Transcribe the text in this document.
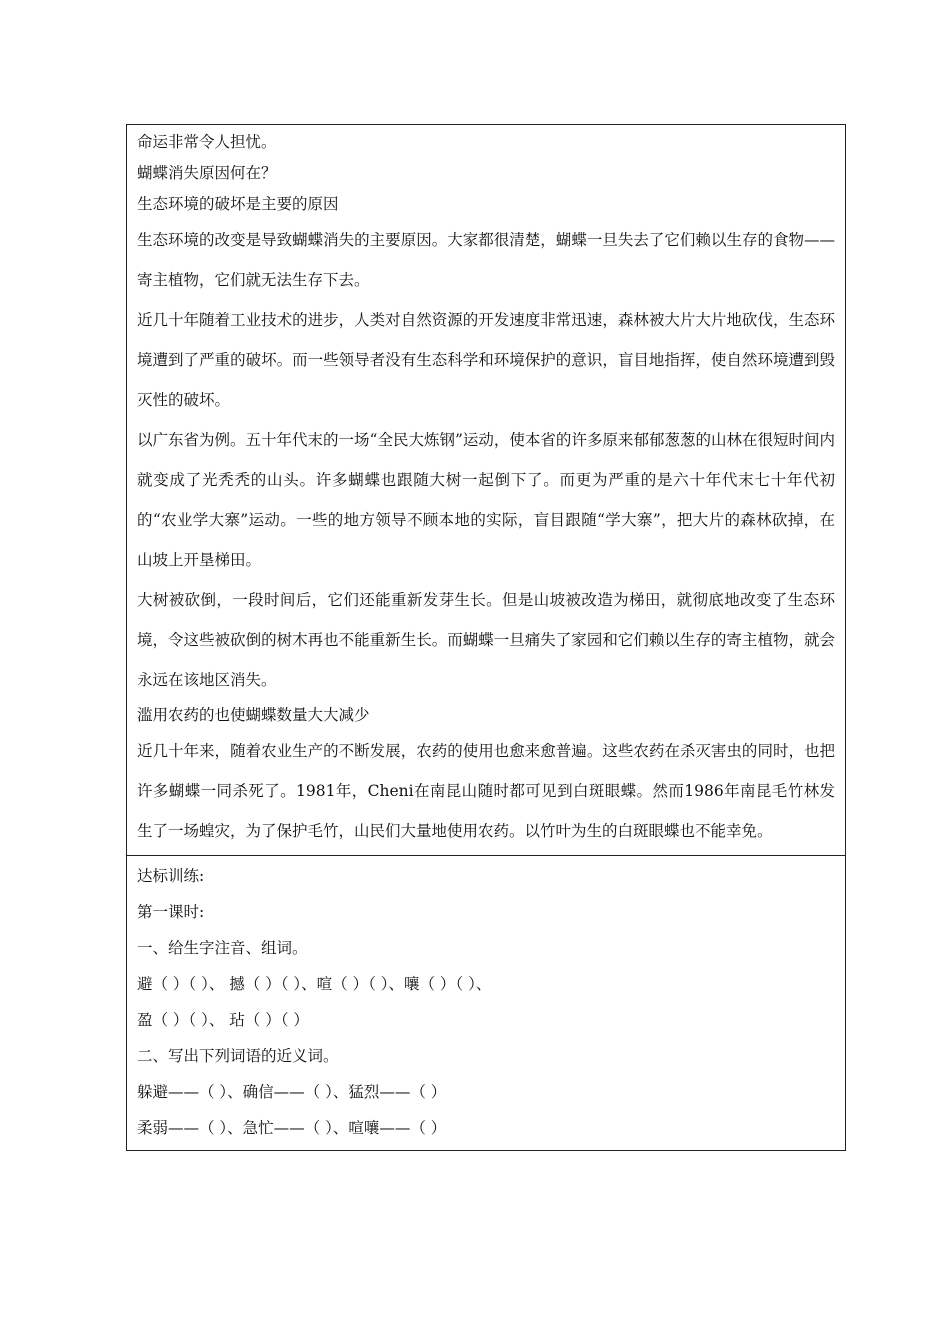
命运非常令人担忧。
蝴蝶消失原因何在？
生态环境的破坏是主要的原因
生态环境的改变是导致蝴蝶消失的主要原因。大家都很清楚，蝴蝶一旦失去了它们赖以生存的食物——寄主植物，它们就无法生存下去。
近几十年随着工业技术的进步，人类对自然资源的开发速度非常迅速，森林被大片大片地砍伐，生态环境遭到了严重的破坏。而一些领导者没有生态科学和环境保护的意识，盲目地指挥，使自然环境遭到毁灭性的破坏。
以广东省为例。五十年代末的一场“全民大炼钢”运动，使本省的许多原来郁郁葱葱的山林在很短时间内就变成了光秃秃的山头。许多蝴蝶也跟随大树一起倒下了。而更为严重的是六十年代末七十年代初的“农业学大寨”运动。一些的地方领导不顾本地的实际，盲目跟随“学大寨”，把大片的森林砍掉，在山坡上开垦梯田。
大树被砍倒，一段时间后，它们还能重新发芽生长。但是山坡被改造为梯田，就彻底地改变了生态环境，令这些被砍倒的树木再也不能重新生长。而蝴蝶一旦痛失了家园和它们赖以生存的寄主植物，就会永远在该地区消失。
滥用农药的也使蝴蝶数量大大减少
近几十年来，随着农业生产的不断发展，农药的使用也愈来愈普遍。这些农药在杀灭害虫的同时，也把许多蝴蝶一同杀死了。1981年，Cheni在南昆山随时都可见到白斑眼蝶。然而1986年南昆毛竹林发生了一场蝗灾，为了保护毛竹，山民们大量地使用农药。以竹叶为生的白斑眼蝶也不能幸免。
达标训练:
第一课时:
一、给生字注音、组词。
避（ ）（ ）、 撼（ ）（ ）、喧（ ）（ ）、嚷（ ）（ ）、
盈（ ）（ ）、 玷（ ）（ ）
二、写出下列词语的近义词。
躲避——（ ）、确信——（ ）、猛烈——（ ）
柔弱——（ ）、急忙——（ ）、喧嚷——（ ）
